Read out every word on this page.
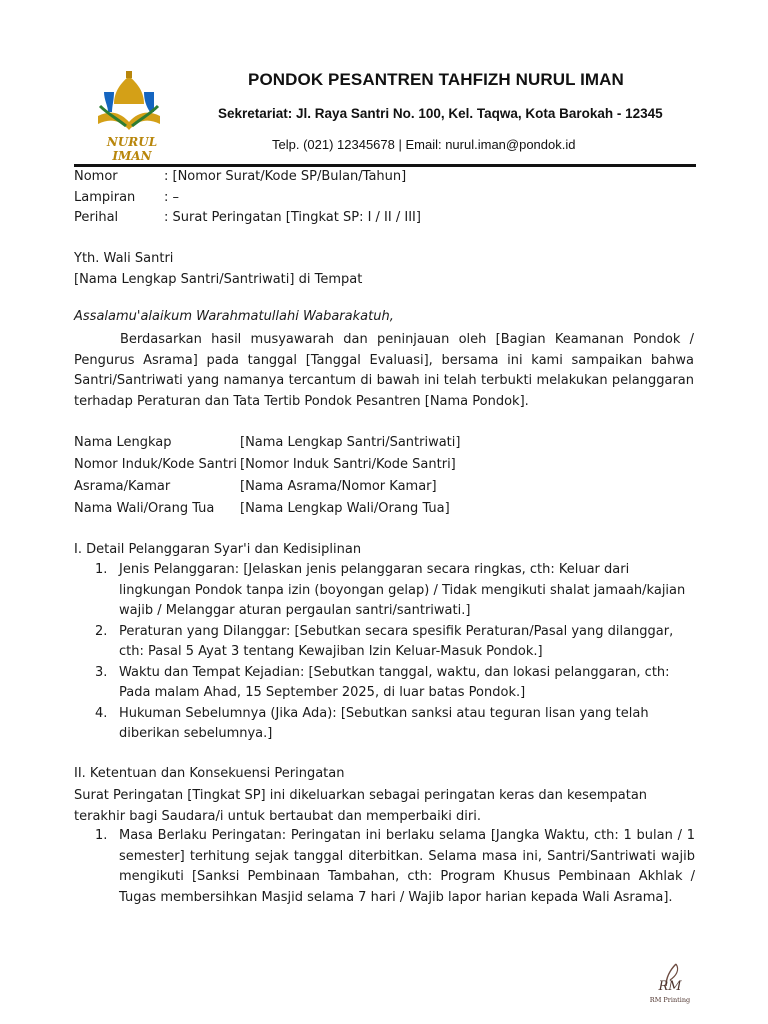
NURUL IMAN
PONDOK PESANTREN TAHFIZH NURUL IMAN
Sekretariat: Jl. Raya Santri No. 100, Kel. Taqwa, Kota Barokah - 12345
Telp. (021) 12345678 | Email: nurul.iman@pondok.id
Nomor	: [Nomor Surat/Kode SP/Bulan/Tahun]
Lampiran	: –
Perihal	: Surat Peringatan [Tingkat SP: I / II / III]
Yth. Wali Santri
[Nama Lengkap Santri/Santriwati] di Tempat
Assalamu'alaikum Warahmatullahi Wabarakatuh,
Berdasarkan hasil musyawarah dan peninjauan oleh [Bagian Keamanan Pondok / Pengurus Asrama] pada tanggal [Tanggal Evaluasi], bersama ini kami sampaikan bahwa Santri/Santriwati yang namanya tercantum di bawah ini telah terbukti melakukan pelanggaran terhadap Peraturan dan Tata Tertib Pondok Pesantren [Nama Pondok].
Nama Lengkap	[Nama Lengkap Santri/Santriwati]
Nomor Induk/Kode Santri [Nomor Induk Santri/Kode Santri]
Asrama/Kamar	[Nama Asrama/Nomor Kamar]
Nama Wali/Orang Tua	[Nama Lengkap Wali/Orang Tua]
I. Detail Pelanggaran Syar'i dan Kedisiplinan
1. Jenis Pelanggaran: [Jelaskan jenis pelanggaran secara ringkas, cth: Keluar dari lingkungan Pondok tanpa izin (boyongan gelap) / Tidak mengikuti shalat jamaah/kajian wajib / Melanggar aturan pergaulan santri/santriwati.]
2. Peraturan yang Dilanggar: [Sebutkan secara spesifik Peraturan/Pasal yang dilanggar, cth: Pasal 5 Ayat 3 tentang Kewajiban Izin Keluar-Masuk Pondok.]
3. Waktu dan Tempat Kejadian: [Sebutkan tanggal, waktu, dan lokasi pelanggaran, cth: Pada malam Ahad, 15 September 2025, di luar batas Pondok.]
4. Hukuman Sebelumnya (Jika Ada): [Sebutkan sanksi atau teguran lisan yang telah diberikan sebelumnya.]
II. Ketentuan dan Konsekuensi Peringatan
Surat Peringatan [Tingkat SP] ini dikeluarkan sebagai peringatan keras dan kesempatan terakhir bagi Saudara/i untuk bertaubat dan memperbaiki diri.
1. Masa Berlaku Peringatan: Peringatan ini berlaku selama [Jangka Waktu, cth: 1 bulan / 1 semester] terhitung sejak tanggal diterbitkan. Selama masa ini, Santri/Santriwati wajib mengikuti [Sanksi Pembinaan Tambahan, cth: Program Khusus Pembinaan Akhlak / Tugas membersihkan Masjid selama 7 hari / Wajib lapor harian kepada Wali Asrama].
RM
RM Printing
